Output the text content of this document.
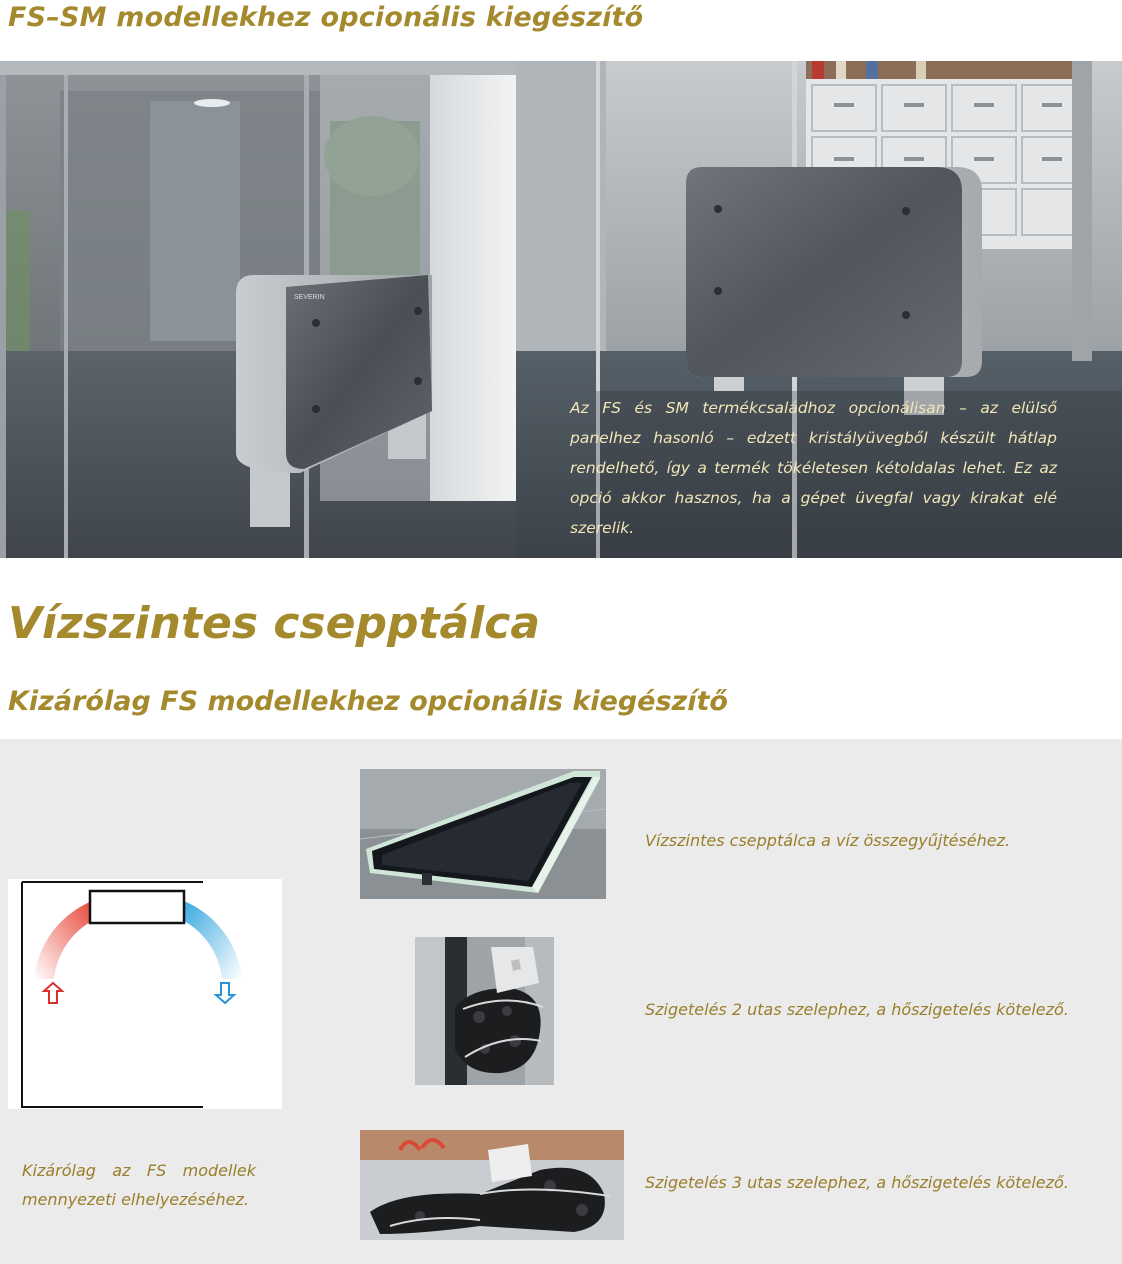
FS–SM modellekhez opcionális kiegészítő
SEVERIN

Az FS és SM termékcsaládhoz opcionálisan – az elülső panelhez hasonló – edzett kristályüvegből készült hátlap rendelhető, így a termék tökéletesen kétoldalas lehet. Ez az opció akkor hasznos, ha a gépet üvegfal vagy kirakat elé szerelik.

Vízszintes csepptálca
Kizárólag FS modellekhez opcionális kiegészítő

Kizárólag az FS modellek mennyezeti elhelyezéséhez.

Vízszintes csepptálca a víz összegyűjtéséhez.

Szigetelés 2 utas szelephez, a hőszigetelés kötelező.

Szigetelés 3 utas szelephez, a hőszigetelés kötelező.
